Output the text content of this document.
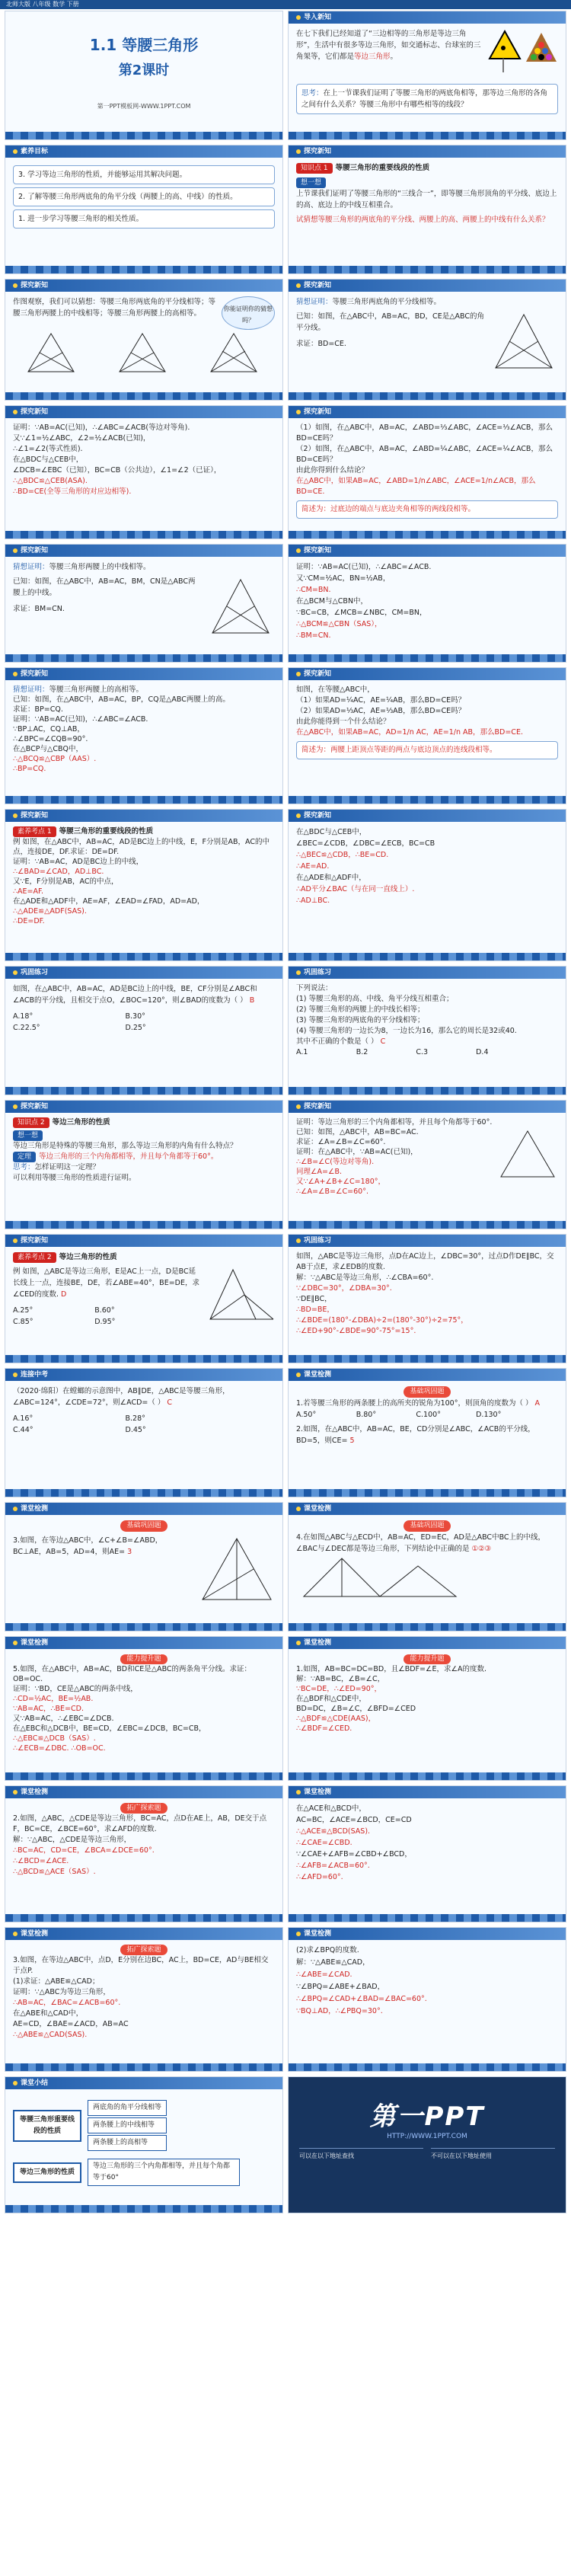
北师大版 八年级 数学 下册
1.1 等腰三角形
第2课时
第一PPT模板网-WWW.1PPT.COM
导入新知
在七下我们已经知道了“三边相等的三角形是等边三角形”，生活中有很多等边三角形，如交通标志、台球室的三角架等，它们都是等边三角形。
思考：在上一节课我们证明了等腰三角形的两底角相等，那等边三角形的各角之间有什么关系？等腰三角形中有哪些相等的线段？
素养目标
3. 学习等边三角形的性质，并能够运用其解决问题。
2. 了解等腰三角形两底角的角平分线（两腰上的高、中线）的性质。
1. 进一步学习等腰三角形的相关性质。
探究新知
知识点 1 等腰三角形的重要线段的性质
想一想
上节课我们证明了等腰三角形的“三线合一”，即等腰三角形顶角的平分线、底边上的高、底边上的中线互相重合。
试猜想等腰三角形的两底角的平分线、两腰上的高、两腰上的中线有什么关系？
探究新知
作图观察，我们可以猜想：等腰三角形两底角的平分线相等；等腰三角形两腰上的中线相等；等腰三角形两腰上的高相等。
你能证明你的猜想吗？
探究新知
猜想证明：等腰三角形两底角的平分线相等。
已知：如图，在△ABC中，AB=AC，BD，CE是△ABC的角平分线。
求证：BD=CE.
探究新知
证明：∵AB=AC(已知)，∴∠ABC=∠ACB(等边对等角).
又∵∠1=½∠ABC，∠2=½∠ACB(已知)，
∴∠1=∠2(等式性质).
在△BDC与△CEB中，
∠DCB=∠EBC（已知），BC=CB（公共边），∠1=∠2（已证），
∴△BDC≌△CEB(ASA).
∴BD=CE(全等三角形的对应边相等).
探究新知
（1）如图，在△ABC中，AB=AC，∠ABD=⅓∠ABC，∠ACE=⅓∠ACB，那么BD=CE吗？
（2）如图，在△ABC中，AB=AC，∠ABD=¼∠ABC，∠ACE=¼∠ACB，那么BD=CE吗？
由此你得到什么结论？
在△ABC中，如果AB=AC，∠ABD=1/n∠ABC，∠ACE=1/n∠ACB，那么BD=CE.
简述为：过底边的端点与底边夹角相等的两线段相等。
探究新知
猜想证明：等腰三角形两腰上的中线相等。
已知：如图，在△ABC中，AB=AC，BM，CN是△ABC两腰上的中线。
求证：BM=CN.
探究新知
证明：∵AB=AC(已知)，∴∠ABC=∠ACB.
又∵CM=½AC，BN=½AB，
∴CM=BN.
在△BCM与△CBN中，
∵BC=CB，∠MCB=∠NBC，CM=BN，
∴△BCM≌△CBN（SAS），
∴BM=CN.
探究新知
猜想证明：等腰三角形两腰上的高相等。
已知：如图，在△ABC中，AB=AC，BP，CQ是△ABC两腰上的高。
求证：BP=CQ.
证明：∵AB=AC(已知)，∴∠ABC=∠ACB.
∵BP⊥AC，CQ⊥AB，
∴∠BPC=∠CQB=90°.
在△BCP与△CBQ中，
∴△BCQ≌△CBP（AAS）.
∴BP=CQ.
探究新知
如图，在等腰△ABC中，
（1）如果AD=¼AC，AE=¼AB，那么BD=CE吗？
（2）如果AD=⅓AC，AE=⅓AB，那么BD=CE吗？
由此你能得到一个什么结论？
在△ABC中，如果AB=AC，AD=1/n AC，AE=1/n AB，那么BD=CE.
简述为：两腰上距顶点等距的两点与底边顶点的连线段相等。
探究新知
素养考点 1 等腰三角形的重要线段的性质
例 如图，在△ABC中，AB=AC，AD是BC边上的中线，E，F分别是AB，AC的中点，连接DE，DF.求证：DE=DF.
证明：∵AB=AC，AD是BC边上的中线，
∴∠BAD=∠CAD，AD⊥BC.
又∵E，F分别是AB，AC的中点，
∴AE=AF.
在△ADE和△ADF中，AE=AF，∠EAD=∠FAD，AD=AD，
∴△ADE≌△ADF(SAS).
∴DE=DF.
探究新知
在△BDC与△CEB中，
∠BEC=∠CDB，∠DBC=∠ECB，BC=CB
∴△BEC≌△CDB，∴BE=CD.
∴AE=AD.
在△ADE和△ADF中，
∴AD平分∠BAC（与在同一直线上）.
∴AD⊥BC.
巩固练习
如图，在△ABC中，AB=AC，AD是BC边上的中线，BE，CF分别是∠ABC和∠ACB的平分线，且相交于点O，∠BOC=120°，则∠BAD的度数为（ ） B
A.18°	B.30° C.22.5°	D.25°
巩固练习
下列说法：
(1) 等腰三角形的高、中线、角平分线互相重合；
(2) 等腰三角形的两腰上的中线长相等；
(3) 等腰三角形的两底角的平分线相等；
(4) 等腰三角形的一边长为8，一边长为16，那么它的周长是32或40.
其中不正确的个数是（ ） C
A.1	B.2	C.3	D.4
探究新知
知识点 2 等边三角形的性质
想一想
等边三角形是特殊的等腰三角形，那么等边三角形的内角有什么特点？
定理 等边三角形的三个内角都相等，并且每个角都等于60°。
思考：怎样证明这一定理？
可以利用等腰三角形的性质进行证明。
探究新知
证明：等边三角形的三个内角都相等，并且每个角都等于60°.
已知：如图，△ABC中，AB=BC=AC.
求证：∠A=∠B=∠C=60°.
证明：在△ABC中，∵AB=AC(已知)，
∴∠B=∠C(等边对等角).
同理∠A=∠B.
又∵∠A+∠B+∠C=180°，
∴∠A=∠B=∠C=60°.
探究新知
素养考点 2 等边三角形的性质
例 如图，△ABC是等边三角形，E是AC上一点，D是BC延长线上一点，连接BE，DE，若∠ABE=40°，BE=DE，求∠CED的度数. D
A.25°	B.60° C.85°	D.95°
巩固练习
如图，△ABC是等边三角形，点D在AC边上，∠DBC=30°，过点D作DE∥BC，交AB于点E，求∠EDB的度数.
解：∵△ABC是等边三角形，∴∠CBA=60°.
∵∠DBC=30°，∠DBA=30°.
∵DE∥BC，
∴BD=BE，
∴∠BDE=(180°-∠DBA)÷2=(180°-30°)÷2=75°，
∴∠ED+90°-∠BDE=90°-75°=15°.
连接中考
（2020·绵阳）在螳螂的示意图中，AB∥DE，△ABC是等腰三角形，∠ABC=124°，∠CDE=72°，则∠ACD=（ ） C
A.16°	B.28° C.44°	D.45°
课堂检测
基础巩固题
1.若等腰三角形的两条腰上的高所夹的锐角为100°，则顶角的度数为（ ） A
A.50°	B.80°	C.100°	D.130°
2.如图，在△ABC中，AB=AC，BE，CD分别是∠ABC，∠ACB的平分线，BD=5，则CE= 5
课堂检测
基础巩固题
3.如图，在等边△ABC中，∠C+∠B=∠ABD，BC⊥AE，AB=5，AD=4，则AE= 3
课堂检测
基础巩固题
4.在如图△ABC与△ECD中，AB=AC，ED=EC，AD是△ABC中BC上的中线，∠BAC与∠DEC都是等边三角形，下列结论中正确的是 ①②③
课堂检测
能力提升题
5.如图，在△ABC中，AB=AC，BD和CE是△ABC的两条角平分线。求证：OB=OC.
证明：∵BD，CE是△ABC的两条中线，
∴CD=½AC，BE=½AB.
∵AB=AC，∴BE=CD.
又∵AB=AC，∴∠EBC=∠DCB.
在△EBC和△DCB中，BE=CD，∠EBC=∠DCB，BC=CB，
∴△EBC≌△DCB（SAS）.
∴∠ECB=∠DBC. ∴OB=OC.
课堂检测
能力提升题
1.如图，AB=BC=DC=BD，且∠BDF=∠E，求∠A的度数.
解：∵AB=BC，∠B=∠C，
∵BC=DE，∴∠ED=90°，
在△BDF和△CDE中，
BD=DC，∠B=∠C，∠BFD=∠CED
∴△BDF≌△CDE(AAS)，
∴∠BDF=∠CED.
课堂检测
拓广探索题
2.如图，△ABC，△CDE是等边三角形，BC=AC，点D在AE上，AB，DE交于点F，BC=CE，∠BCE=60°，求∠AFD的度数.
解：∵△ABC，△CDE是等边三角形，
∴BC=AC，CD=CE，∠BCA=∠DCE=60°.
∴∠BCD=∠ACE.
∴△BCD≌△ACE（SAS）.
课堂检测
在△ACE和△BCD中，
AC=BC，∠ACE=∠BCD，CE=CD
∴△ACE≌△BCD(SAS).
∴∠CAE=∠CBD.
∵∠CAE+∠AFB=∠CBD+∠BCD，
∴∠AFB=∠ACB=60°.
∴∠AFD=60°.
课堂检测
拓广探索题
3.如图，在等边△ABC中，点D，E分别在边BC，AC上，BD=CE，AD与BE相交于点P.
(1)求证：△ABE≌△CAD；
证明：∵△ABC为等边三角形，
∴AB=AC，∠BAC=∠ACB=60°.
在△ABE和△CAD中，
AE=CD，∠BAE=∠ACD，AB=AC
∴△ABE≌△CAD(SAS).
课堂检测
(2)求∠BPQ的度数.
解：∵△ABE≌△CAD，
∴∠ABE=∠CAD.
∵∠BPQ=∠ABE+∠BAD，
∴∠BPQ=∠CAD+∠BAD=∠BAC=60°.
∵BQ⊥AD，∴∠PBQ=30°.
课堂小结
等腰三角形重要线段的性质
两底角的角平分线相等
两条腰上的中线相等
两条腰上的高相等
等边三角形的性质
等边三角形的三个内角都相等，并且每个角都等于60°
第一PPT
HTTP://WWW.1PPT.COM
可以在以下地址查找	不可以在以下地址使用
